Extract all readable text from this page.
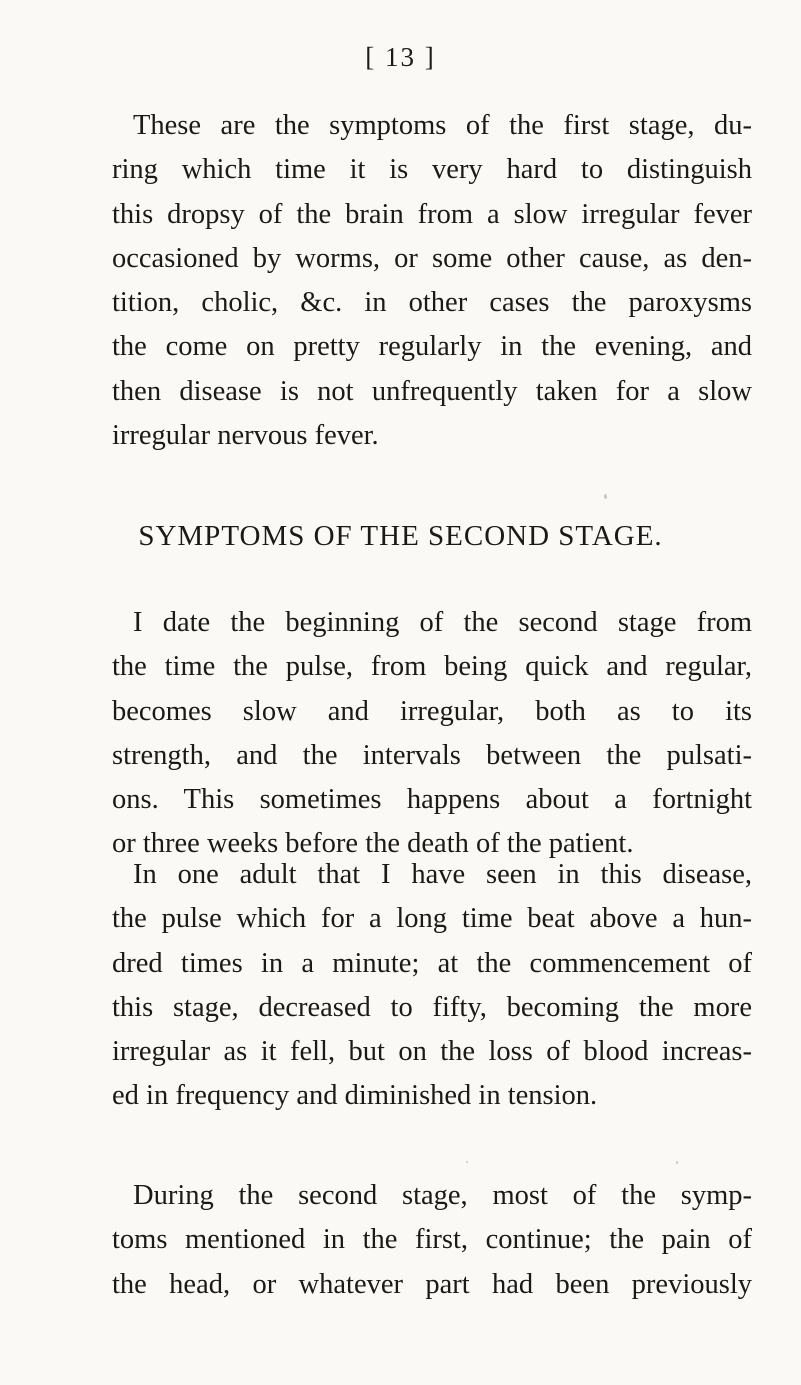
[ 13 ]
These are the symptoms of the first stage, du-
ring which time it is very hard to distinguish
this dropsy of the brain from a slow irregular fever
occasioned by worms, or some other cause, as den-
tition, cholic, &c. in other cases the paroxysms
the come on pretty regularly in the evening, and
then disease is not unfrequently taken for a slow
irregular nervous fever.
SYMPTOMS OF THE SECOND STAGE.
I date the beginning of the second stage from
the time the pulse, from being quick and regular,
becomes slow and irregular, both as to its
strength, and the intervals between the pulsati-
ons. This sometimes happens about a fortnight
or three weeks before the death of the patient.
In one adult that I have seen in this disease,
the pulse which for a long time beat above a hun-
dred times in a minute; at the commencement of
this stage, decreased to fifty, becoming the more
irregular as it fell, but on the loss of blood increas-
ed in frequency and diminished in tension.
During the second stage, most of the symp-
toms mentioned in the first, continue; the pain of
the head, or whatever part had been previously
